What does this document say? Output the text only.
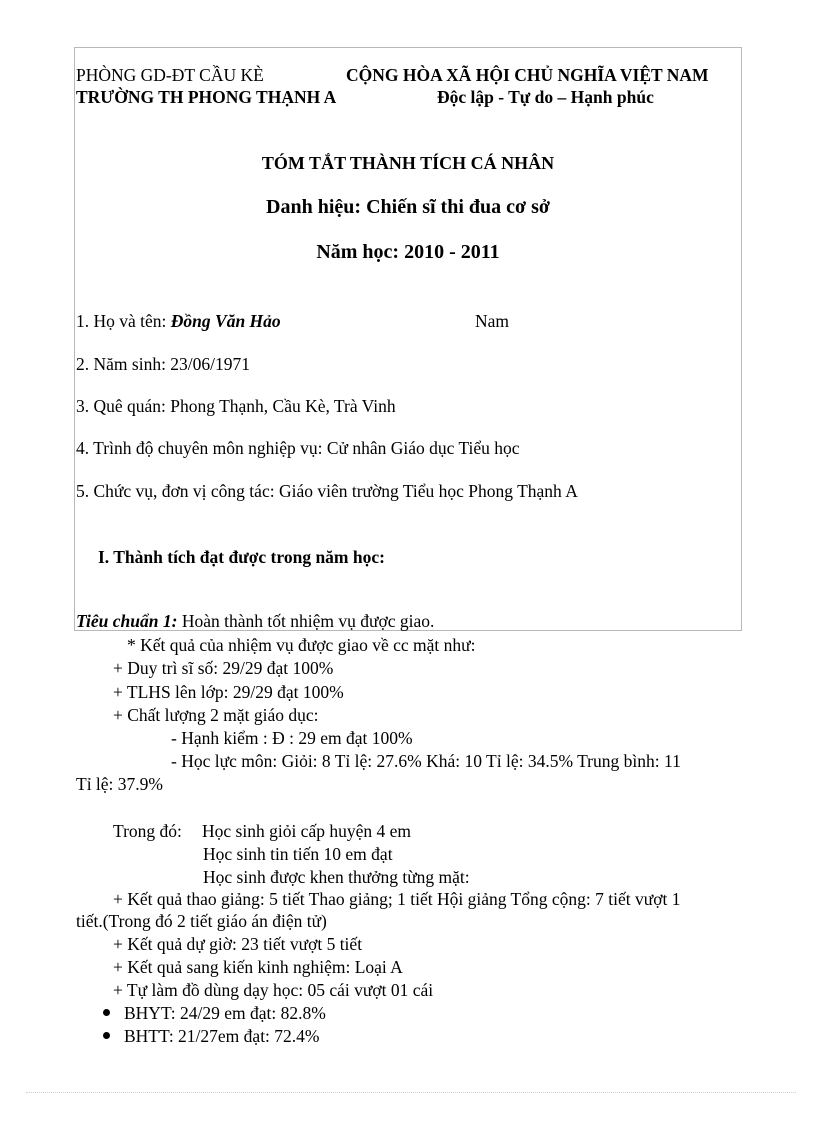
PHÒNG GD-ĐT CẦU KÈ
TRƯỜNG TH PHONG THẠNH A
CỘNG HÒA XÃ HỘI CHỦ NGHĨA VIỆT NAM
Độc lập - Tự do – Hạnh phúc
TÓM TẮT THÀNH TÍCH CÁ NHÂN
Danh hiệu: Chiến sĩ thi đua cơ sở
Năm học: 2010 - 2011
1. Họ và tên: Đồng Văn Hảo	Nam
2. Năm sinh: 23/06/1971
3. Quê quán: Phong Thạnh, Cầu Kè, Trà Vinh
4. Trình độ chuyên môn nghiệp vụ: Cử nhân Giáo dục Tiểu học
5. Chức vụ, đơn vị công tác: Giáo viên trường Tiểu học Phong Thạnh A
I. Thành tích đạt được trong năm học:
Tiêu chuẩn 1: Hoàn thành tốt nhiệm vụ được giao.
* Kết quả của nhiệm vụ được giao về cc mặt như:
+ Duy trì sĩ số: 29/29 đạt 100%
+ TLHS lên lớp: 29/29 đạt 100%
+ Chất lượng 2 mặt giáo dục:
- Hạnh kiểm : Đ : 29 em đạt 100%
- Học lực môn: Giỏi: 8 Tỉ lệ: 27.6% Khá: 10 Tỉ lệ: 34.5% Trung bình: 11
Tỉ lệ: 37.9%
Trong đó: Học sinh giỏi cấp huyện 4 em
Học sinh tin tiến 10 em đạt
Học sinh được khen thưởng từng mặt:
+ Kết quả thao giảng: 5 tiết Thao giảng; 1 tiết Hội giảng Tổng cộng: 7 tiết vượt 1
tiết.(Trong đó 2 tiết giáo án điện tử)
+ Kết quả dự giờ: 23 tiết vượt 5 tiết
+ Kết quả sang kiến kinh nghiệm: Loại A
+ Tự làm đồ dùng dạy học: 05 cái vượt 01 cái
BHYT: 24/29 em đạt: 82.8%
BHTT: 21/27em đạt: 72.4%
